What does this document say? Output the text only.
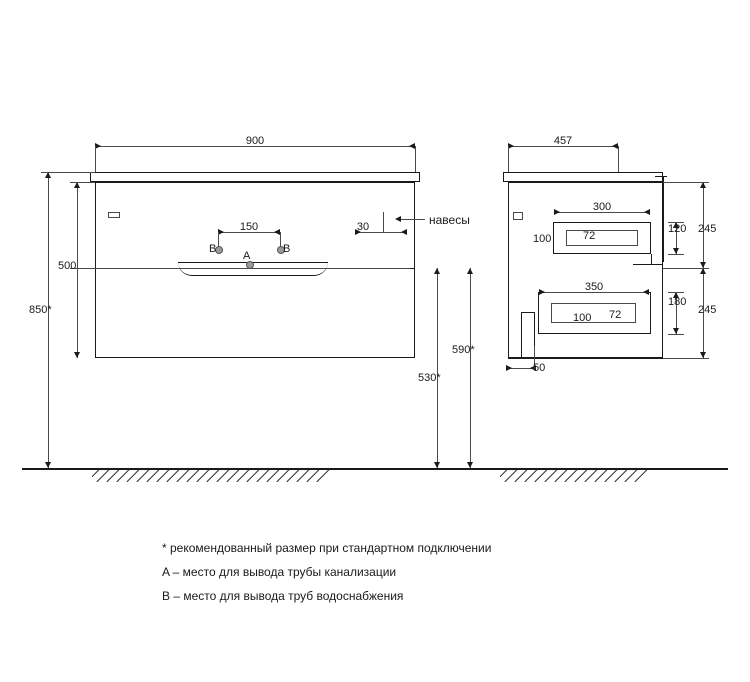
900
150
B	B
A
30	навесы
500
850*
590*
530*
457
300
100	72
350
100 72
50
120 245
180
245
* рекомендованный размер при стандартном подключении
A – место для вывода трубы канализации
B – место для вывода труб водоснабжения
